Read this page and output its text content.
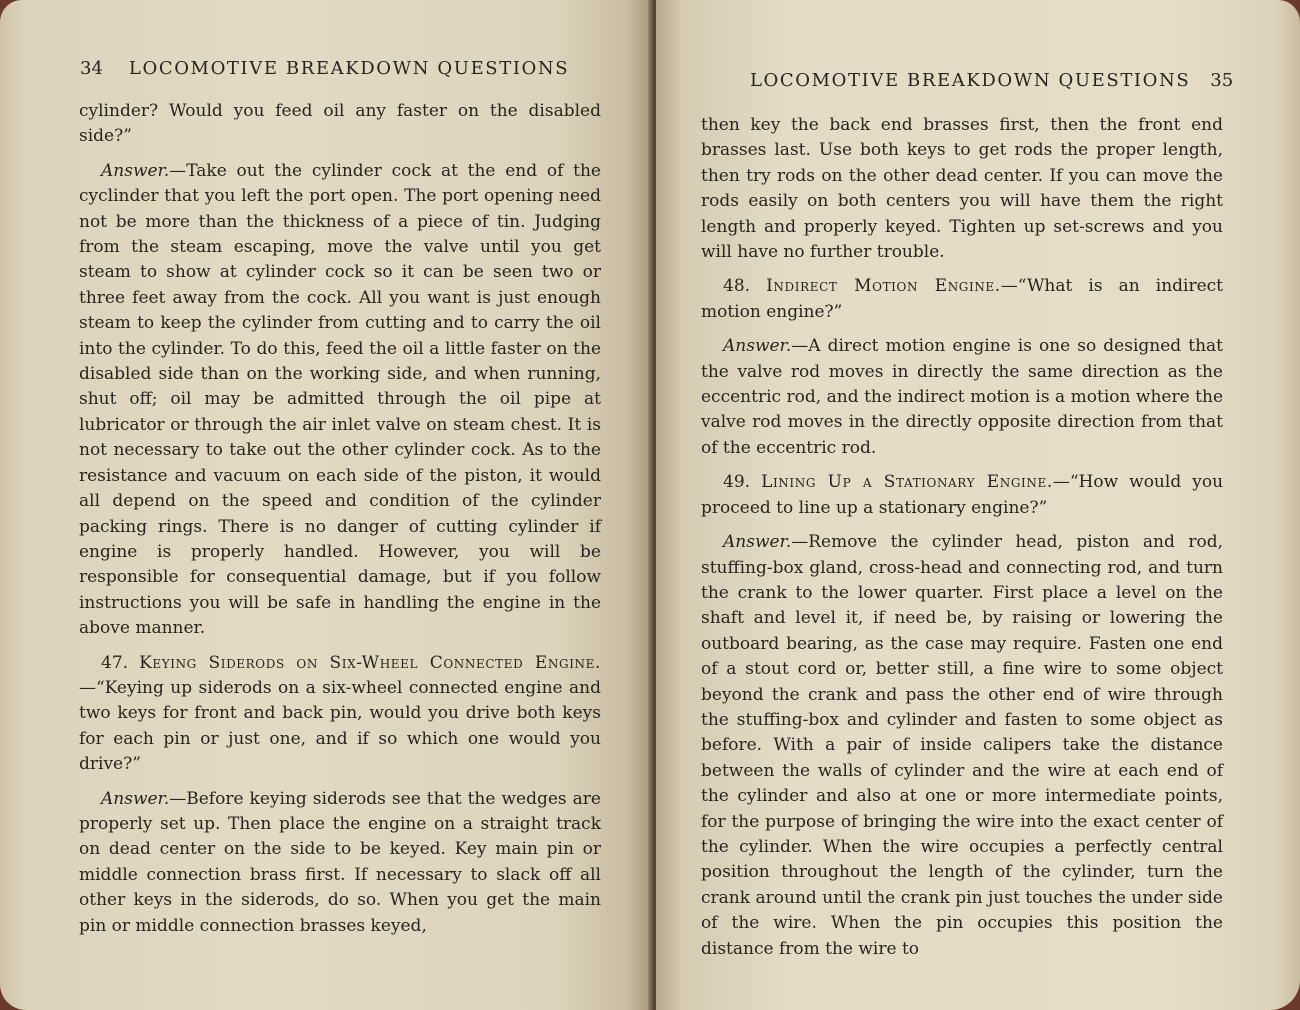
34 LOCOMOTIVE BREAKDOWN QUESTIONS

cylinder? Would you feed oil any faster on the disabled side?”

Answer.—Take out the cylinder cock at the end of the cyclinder that you left the port open. The port opening need not be more than the thickness of a piece of tin. Judging from the steam escaping, move the valve until you get steam to show at cylinder cock so it can be seen two or three feet away from the cock. All you want is just enough steam to keep the cylinder from cutting and to carry the oil into the cylinder. To do this, feed the oil a little faster on the disabled side than on the working side, and when running, shut off; oil may be admitted through the oil pipe at lubricator or through the air inlet valve on steam chest. It is not necessary to take out the other cylinder cock. As to the resistance and vacuum on each side of the piston, it would all depend on the speed and condition of the cylinder packing rings. There is no danger of cutting cylinder if engine is properly handled. However, you will be responsible for consequential damage, but if you follow instructions you will be safe in handling the engine in the above manner.

47. Keying Siderods on Six-Wheel Connected Engine.—“Keying up siderods on a six-wheel connected engine and two keys for front and back pin, would you drive both keys for each pin or just one, and if so which one would you drive?”

Answer.—Before keying siderods see that the wedges are properly set up. Then place the engine on a straight track on dead center on the side to be keyed. Key main pin or middle connection brass first. If necessary to slack off all other keys in the siderods, do so. When you get the main pin or middle connection brasses keyed,

LOCOMOTIVE BREAKDOWN QUESTIONS 35

then key the back end brasses first, then the front end brasses last. Use both keys to get rods the proper length, then try rods on the other dead center. If you can move the rods easily on both centers you will have them the right length and properly keyed. Tighten up set-screws and you will have no further trouble.

48. Indirect Motion Engine.—“What is an indirect motion engine?”

Answer.—A direct motion engine is one so designed that the valve rod moves in directly the same direction as the eccentric rod, and the indirect motion is a motion where the valve rod moves in the directly opposite direction from that of the eccentric rod.

49. Lining Up a Stationary Engine.—“How would you proceed to line up a stationary engine?”

Answer.—Remove the cylinder head, piston and rod, stuffing-box gland, cross-head and connecting rod, and turn the crank to the lower quarter. First place a level on the shaft and level it, if need be, by raising or lowering the outboard bearing, as the case may require. Fasten one end of a stout cord or, better still, a fine wire to some object beyond the crank and pass the other end of wire through the stuffing-box and cylinder and fasten to some object as before. With a pair of inside calipers take the distance between the walls of cylinder and the wire at each end of the cylinder and also at one or more intermediate points, for the purpose of bringing the wire into the exact center of the cylinder. When the wire occupies a perfectly central position throughout the length of the cylinder, turn the crank around until the crank pin just touches the under side of the wire. When the pin occupies this position the distance from the wire to
